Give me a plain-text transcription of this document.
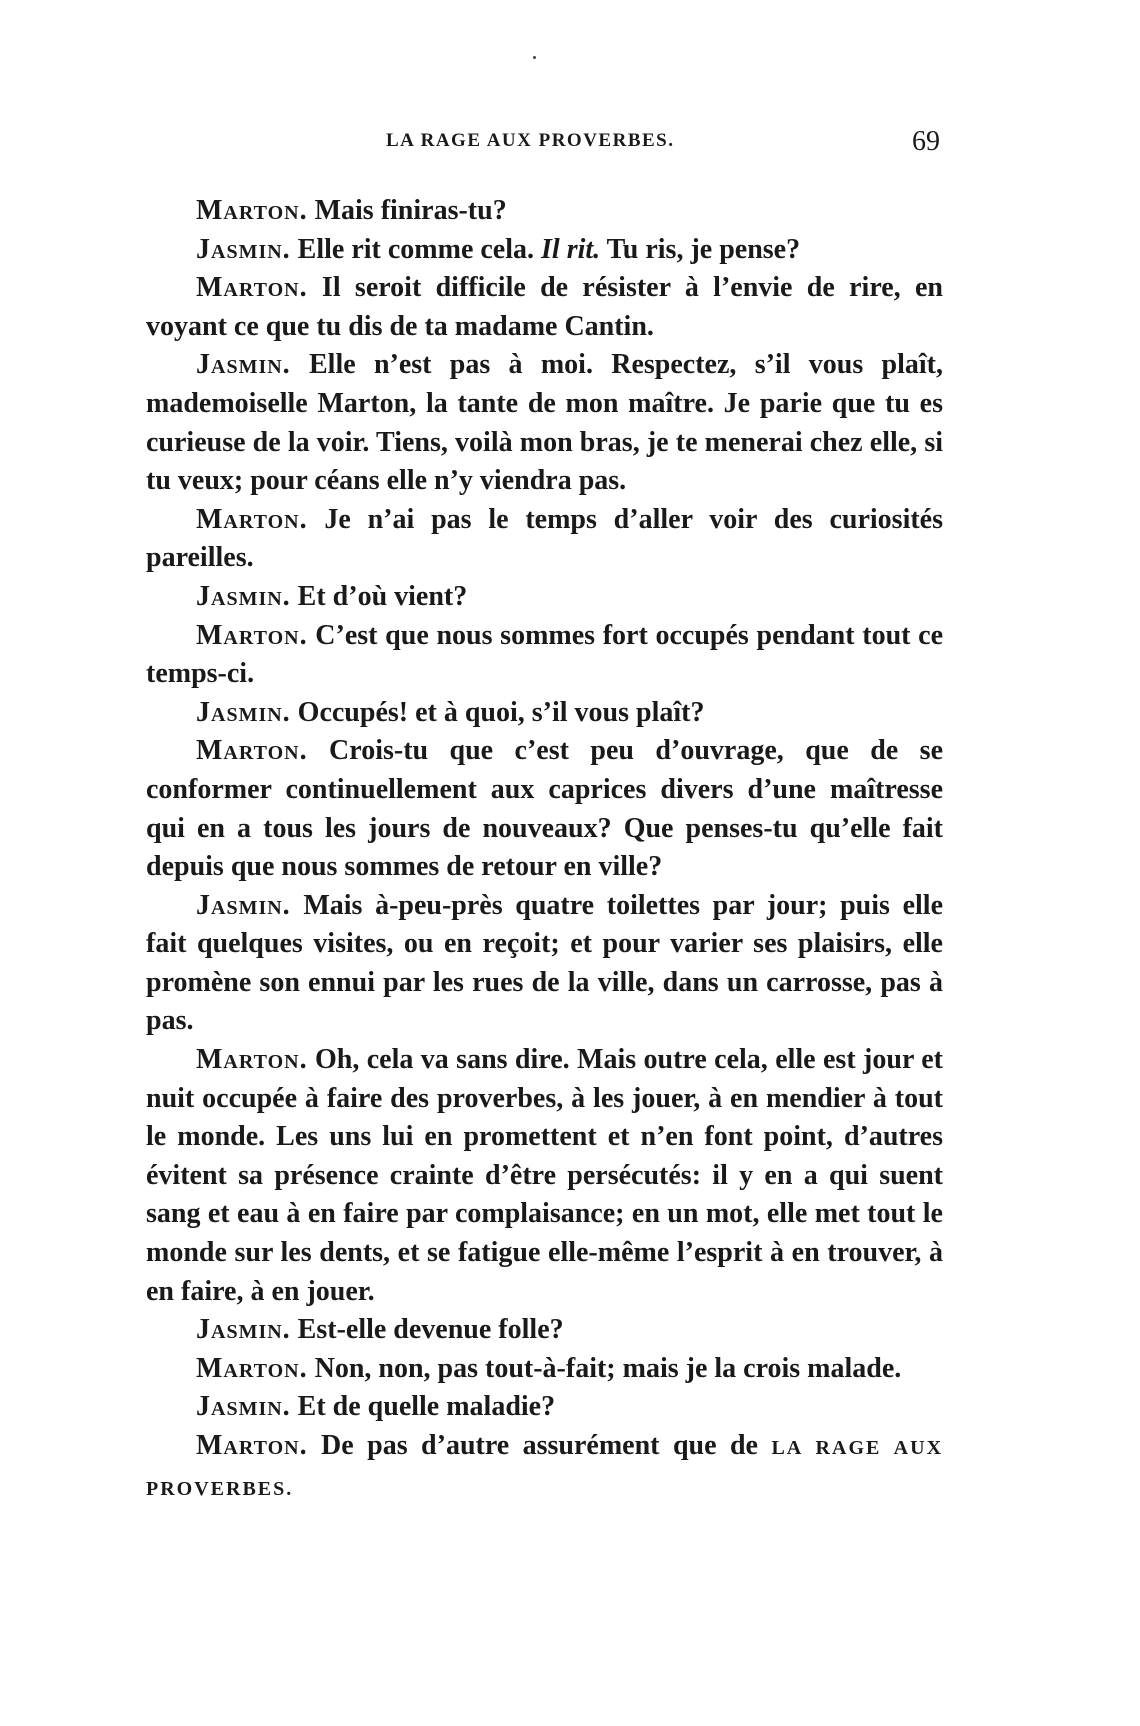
LA RAGE AUX PROVERBES.	69

Marton. Mais finiras-tu?

Jasmin. Elle rit comme cela. Il rit. Tu ris, je pense?

Marton. Il seroit difficile de résister à l’envie de rire, en voyant ce que tu dis de ta madame Cantin.

Jasmin. Elle n’est pas à moi. Respectez, s’il vous plaît, mademoiselle Marton, la tante de mon maître. Je parie que tu es curieuse de la voir. Tiens, voilà mon bras, je te menerai chez elle, si tu veux; pour céans elle n’y viendra pas.

Marton. Je n’ai pas le temps d’aller voir des curiosités pareilles.

Jasmin. Et d’où vient?

Marton. C’est que nous sommes fort occupés pendant tout ce temps-ci.

Jasmin. Occupés! et à quoi, s’il vous plaît?

Marton. Crois-tu que c’est peu d’ouvrage, que de se conformer continuellement aux caprices divers d’une maîtresse qui en a tous les jours de nouveaux? Que penses-tu qu’elle fait depuis que nous sommes de retour en ville?

Jasmin. Mais à-peu-près quatre toilettes par jour; puis elle fait quelques visites, ou en reçoit; et pour varier ses plaisirs, elle promène son ennui par les rues de la ville, dans un carrosse, pas à pas.

Marton. Oh, cela va sans dire. Mais outre cela, elle est jour et nuit occupée à faire des proverbes, à les jouer, à en mendier à tout le monde. Les uns lui en promettent et n’en font point, d’autres évitent sa présence crainte d’être persécutés: il y en a qui suent sang et eau à en faire par complaisance; en un mot, elle met tout le monde sur les dents, et se fatigue elle-même l’esprit à en trouver, à en faire, à en jouer.

Jasmin. Est-elle devenue folle?

Marton. Non, non, pas tout-à-fait; mais je la crois malade.

Jasmin. Et de quelle maladie?

Marton. De pas d’autre assurément que de LA RAGE AUX PROVERBES.
